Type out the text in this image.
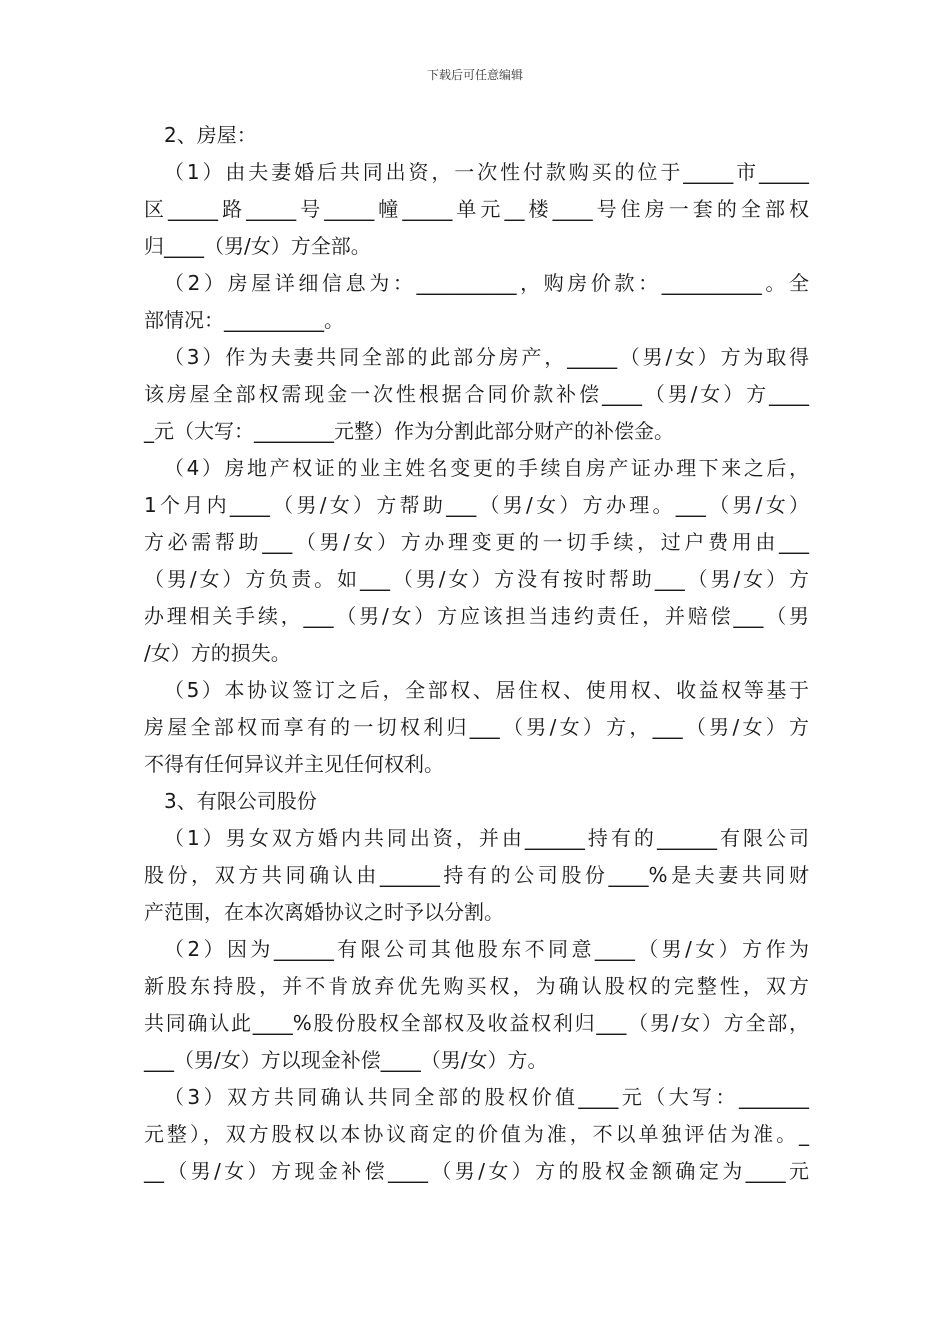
下载后可任意编辑
2、房屋：
（1）由夫妻婚后共同出资，一次性付款购买的位于_____市_____
区_____路_____号_____幢_____单元__楼____号住房一套的全部权
归____（男/女）方全部。
（2）房屋详细信息为：__________，购房价款：__________。全
部情况：__________。
（3）作为夫妻共同全部的此部分房产，_____（男/女）方为取得
该房屋全部权需现金一次性根据合同价款补偿____（男/女）方____
_元（大写：________元整）作为分割此部分财产的补偿金。
（4）房地产权证的业主姓名变更的手续自房产证办理下来之后，
1个月内____（男/女）方帮助___（男/女）方办理。___（男/女）
方必需帮助___（男/女）方办理变更的一切手续，过户费用由___
（男/女）方负责。如___（男/女）方没有按时帮助___（男/女）方
办理相关手续，___（男/女）方应该担当违约责任，并赔偿___（男
/女）方的损失。
（5）本协议签订之后，全部权、居住权、使用权、收益权等基于
房屋全部权而享有的一切权利归___（男/女）方，___（男/女）方
不得有任何异议并主见任何权利。
3、有限公司股份
（1）男女双方婚内共同出资，并由______持有的______有限公司
股份，双方共同确认由______持有的公司股份____%是夫妻共同财
产范围，在本次离婚协议之时予以分割。
（2）因为______有限公司其他股东不同意____（男/女）方作为
新股东持股，并不肯放弃优先购买权，为确认股权的完整性，双方
共同确认此____%股份股权全部权及收益权利归___（男/女）方全部，
___（男/女）方以现金补偿____（男/女）方。
（3）双方共同确认共同全部的股权价值____元（大写：_______
元整），双方股权以本协议商定的价值为准，不以单独评估为准。_
__（男/女）方现金补偿____（男/女）方的股权金额确定为____元
